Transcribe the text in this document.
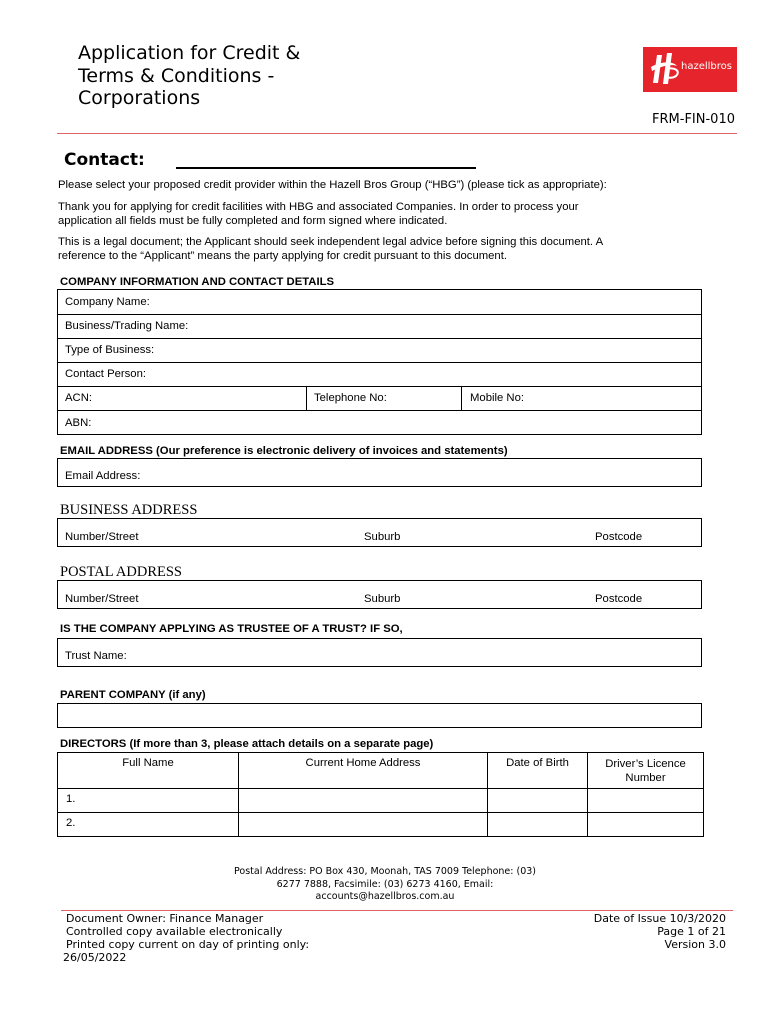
Application for Credit &
Terms & Conditions -
Corporations
hazellbros
FRM-FIN-010
Contact:
Please select your proposed credit provider within the Hazell Bros Group (“HBG”) (please tick as appropriate):
Thank you for applying for credit facilities with HBG and associated Companies. In order to process your
application all fields must be fully completed and form signed where indicated.
This is a legal document; the Applicant should seek independent legal advice before signing this document. A
reference to the “Applicant” means the party applying for credit pursuant to this document.
COMPANY INFORMATION AND CONTACT DETAILS
Company Name:
Business/Trading Name:
Type of Business:
Contact Person:
ACN:	Telephone No:	Mobile No:
ABN:
EMAIL ADDRESS (Our preference is electronic delivery of invoices and statements)
Email Address:
BUSINESS ADDRESS
Number/Street	Suburb	Postcode
POSTAL ADDRESS
Number/Street	Suburb	Postcode
IS THE COMPANY APPLYING AS TRUSTEE OF A TRUST? IF SO,
Trust Name:
PARENT COMPANY (if any)
DIRECTORS (If more than 3, please attach details on a separate page)
Full Name	Current Home Address	Date of Birth	Driver’s Licence Number
1.			
2.			
Postal Address: PO Box 430, Moonah, TAS 7009 Telephone: (03)
6277 7888, Facsimile: (03) 6273 4160, Email:
accounts@hazellbros.com.au
Document Owner: Finance Manager
Controlled copy available electronically
Printed copy current on day of printing only:
26/05/2022
Date of Issue 10/3/2020
Page 1 of 21
Version 3.0
